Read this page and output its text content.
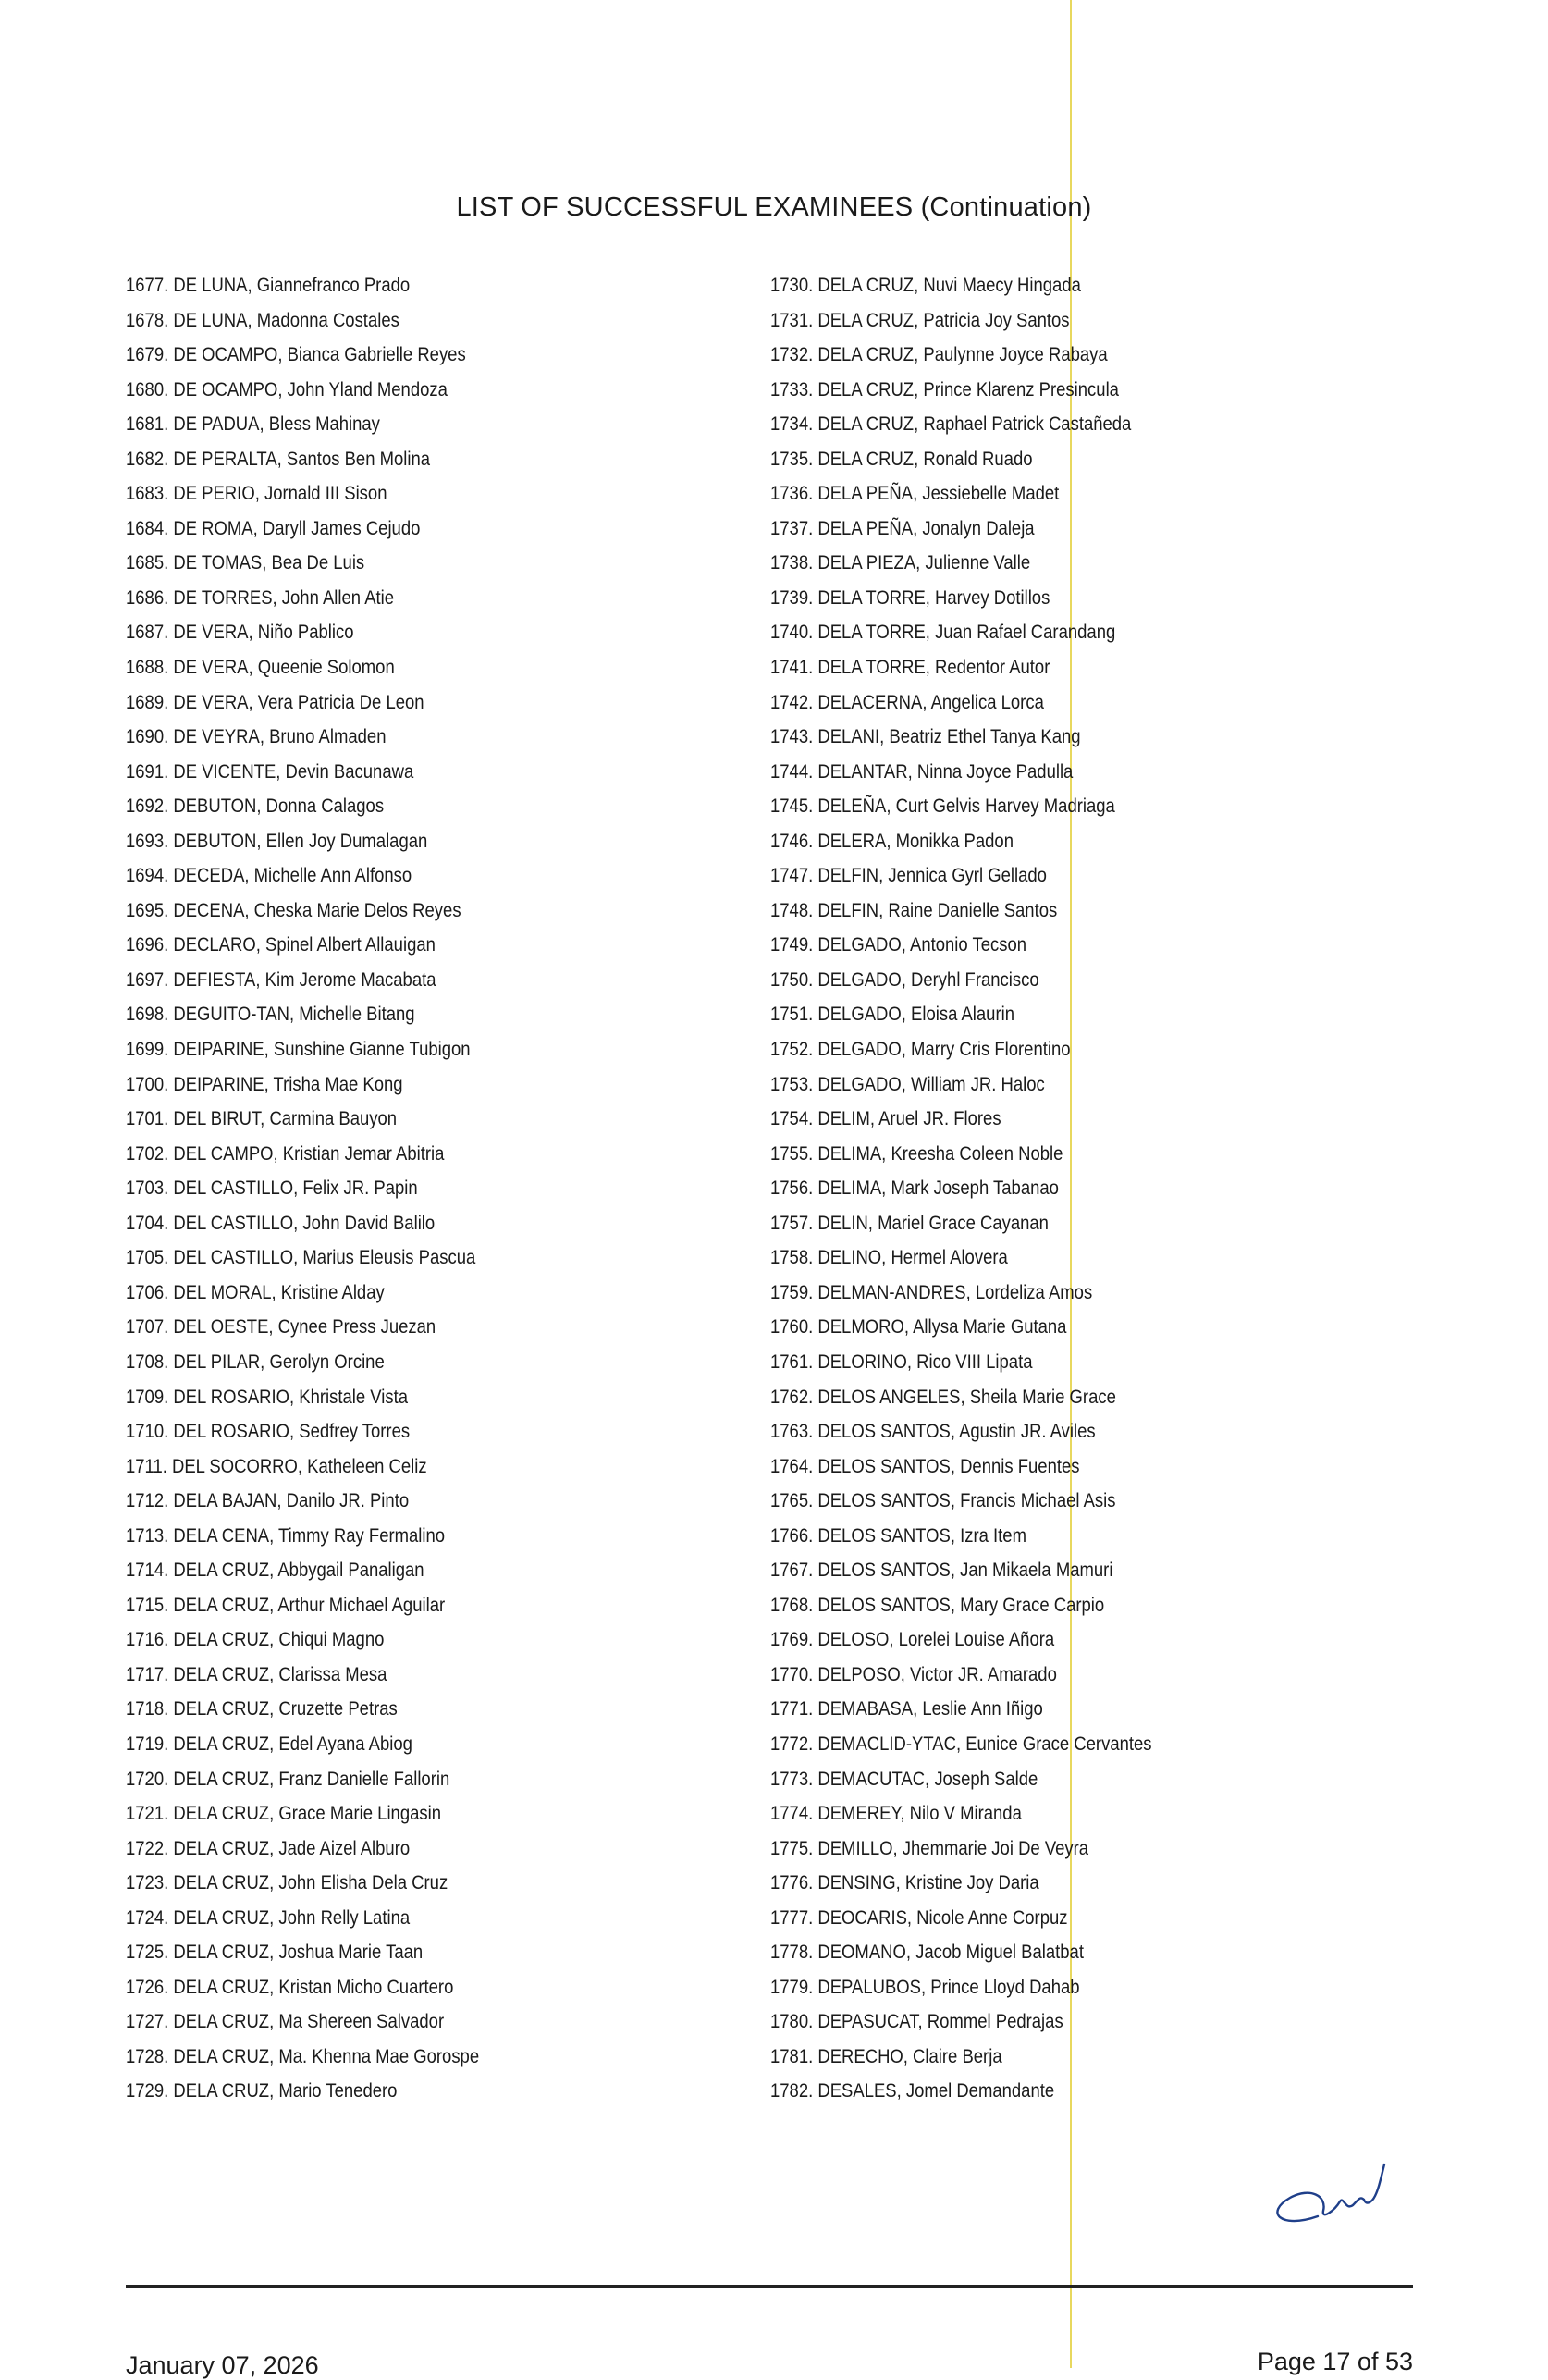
LIST OF SUCCESSFUL EXAMINEES (Continuation)
1677. DE LUNA, Giannefranco Prado
1678. DE LUNA, Madonna Costales
1679. DE OCAMPO, Bianca Gabrielle Reyes
1680. DE OCAMPO, John Yland Mendoza
1681. DE PADUA, Bless Mahinay
1682. DE PERALTA, Santos Ben Molina
1683. DE PERIO, Jornald III Sison
1684. DE ROMA, Daryll James Cejudo
1685. DE TOMAS, Bea De Luis
1686. DE TORRES, John Allen Atie
1687. DE VERA, Niño Pablico
1688. DE VERA, Queenie Solomon
1689. DE VERA, Vera Patricia De Leon
1690. DE VEYRA, Bruno Almaden
1691. DE VICENTE, Devin Bacunawa
1692. DEBUTON, Donna Calagos
1693. DEBUTON, Ellen Joy Dumalagan
1694. DECEDA, Michelle Ann Alfonso
1695. DECENA, Cheska Marie Delos Reyes
1696. DECLARO, Spinel Albert Allauigan
1697. DEFIESTA, Kim Jerome Macabata
1698. DEGUITO-TAN, Michelle Bitang
1699. DEIPARINE, Sunshine Gianne Tubigon
1700. DEIPARINE, Trisha Mae Kong
1701. DEL BIRUT, Carmina Bauyon
1702. DEL CAMPO, Kristian Jemar Abitria
1703. DEL CASTILLO, Felix JR. Papin
1704. DEL CASTILLO, John David Balilo
1705. DEL CASTILLO, Marius Eleusis Pascua
1706. DEL MORAL, Kristine Alday
1707. DEL OESTE, Cynee Press Juezan
1708. DEL PILAR, Gerolyn Orcine
1709. DEL ROSARIO, Khristale Vista
1710. DEL ROSARIO, Sedfrey Torres
1711. DEL SOCORRO, Katheleen Celiz
1712. DELA BAJAN, Danilo JR. Pinto
1713. DELA CENA, Timmy Ray Fermalino
1714. DELA CRUZ, Abbygail Panaligan
1715. DELA CRUZ, Arthur Michael Aguilar
1716. DELA CRUZ, Chiqui Magno
1717. DELA CRUZ, Clarissa Mesa
1718. DELA CRUZ, Cruzette Petras
1719. DELA CRUZ, Edel Ayana Abiog
1720. DELA CRUZ, Franz Danielle Fallorin
1721. DELA CRUZ, Grace Marie Lingasin
1722. DELA CRUZ, Jade Aizel Alburo
1723. DELA CRUZ, John Elisha Dela Cruz
1724. DELA CRUZ, John Relly Latina
1725. DELA CRUZ, Joshua Marie Taan
1726. DELA CRUZ, Kristan Micho Cuartero
1727. DELA CRUZ, Ma Shereen Salvador
1728. DELA CRUZ, Ma. Khenna Mae Gorospe
1729. DELA CRUZ, Mario Tenedero
1730. DELA CRUZ, Nuvi Maecy Hingada
1731. DELA CRUZ, Patricia Joy Santos
1732. DELA CRUZ, Paulynne Joyce Rabaya
1733. DELA CRUZ, Prince Klarenz Presincula
1734. DELA CRUZ, Raphael Patrick Castañeda
1735. DELA CRUZ, Ronald Ruado
1736. DELA PEÑA, Jessiebelle Madet
1737. DELA PEÑA, Jonalyn Daleja
1738. DELA PIEZA, Julienne Valle
1739. DELA TORRE, Harvey Dotillos
1740. DELA TORRE, Juan Rafael Carandang
1741. DELA TORRE, Redentor Autor
1742. DELACERNA, Angelica Lorca
1743. DELANI, Beatriz Ethel Tanya Kang
1744. DELANTAR, Ninna Joyce Padulla
1745. DELEÑA, Curt Gelvis Harvey Madriaga
1746. DELERA, Monikka Padon
1747. DELFIN, Jennica Gyrl Gellado
1748. DELFIN, Raine Danielle Santos
1749. DELGADO, Antonio Tecson
1750. DELGADO, Deryhl Francisco
1751. DELGADO, Eloisa Alaurin
1752. DELGADO, Marry Cris Florentino
1753. DELGADO, William JR. Haloc
1754. DELIM, Aruel JR. Flores
1755. DELIMA, Kreesha Coleen Noble
1756. DELIMA, Mark Joseph Tabanao
1757. DELIN, Mariel Grace Cayanan
1758. DELINO, Hermel Alovera
1759. DELMAN-ANDRES, Lordeliza Amos
1760. DELMORO, Allysa Marie Gutana
1761. DELORINO, Rico VIII Lipata
1762. DELOS ANGELES, Sheila Marie Grace
1763. DELOS SANTOS, Agustin JR. Aviles
1764. DELOS SANTOS, Dennis Fuentes
1765. DELOS SANTOS, Francis Michael Asis
1766. DELOS SANTOS, Izra Item
1767. DELOS SANTOS, Jan Mikaela Mamuri
1768. DELOS SANTOS, Mary Grace Carpio
1769. DELOSO, Lorelei Louise Añora
1770. DELPOSO, Victor JR. Amarado
1771. DEMABASA, Leslie Ann Iñigo
1772. DEMACLID-YTAC, Eunice Grace Cervantes
1773. DEMACUTAC, Joseph Salde
1774. DEMEREY, Nilo V Miranda
1775. DEMILLO, Jhemmarie Joi De Veyra
1776. DENSING, Kristine Joy Daria
1777. DEOCARIS, Nicole Anne Corpuz
1778. DEOMANO, Jacob Miguel Balatbat
1779. DEPALUBOS, Prince Lloyd Dahab
1780. DEPASUCAT, Rommel Pedrajas
1781. DERECHO, Claire Berja
1782. DESALES, Jomel Demandante
January 07, 2026	Page 17 of 53
